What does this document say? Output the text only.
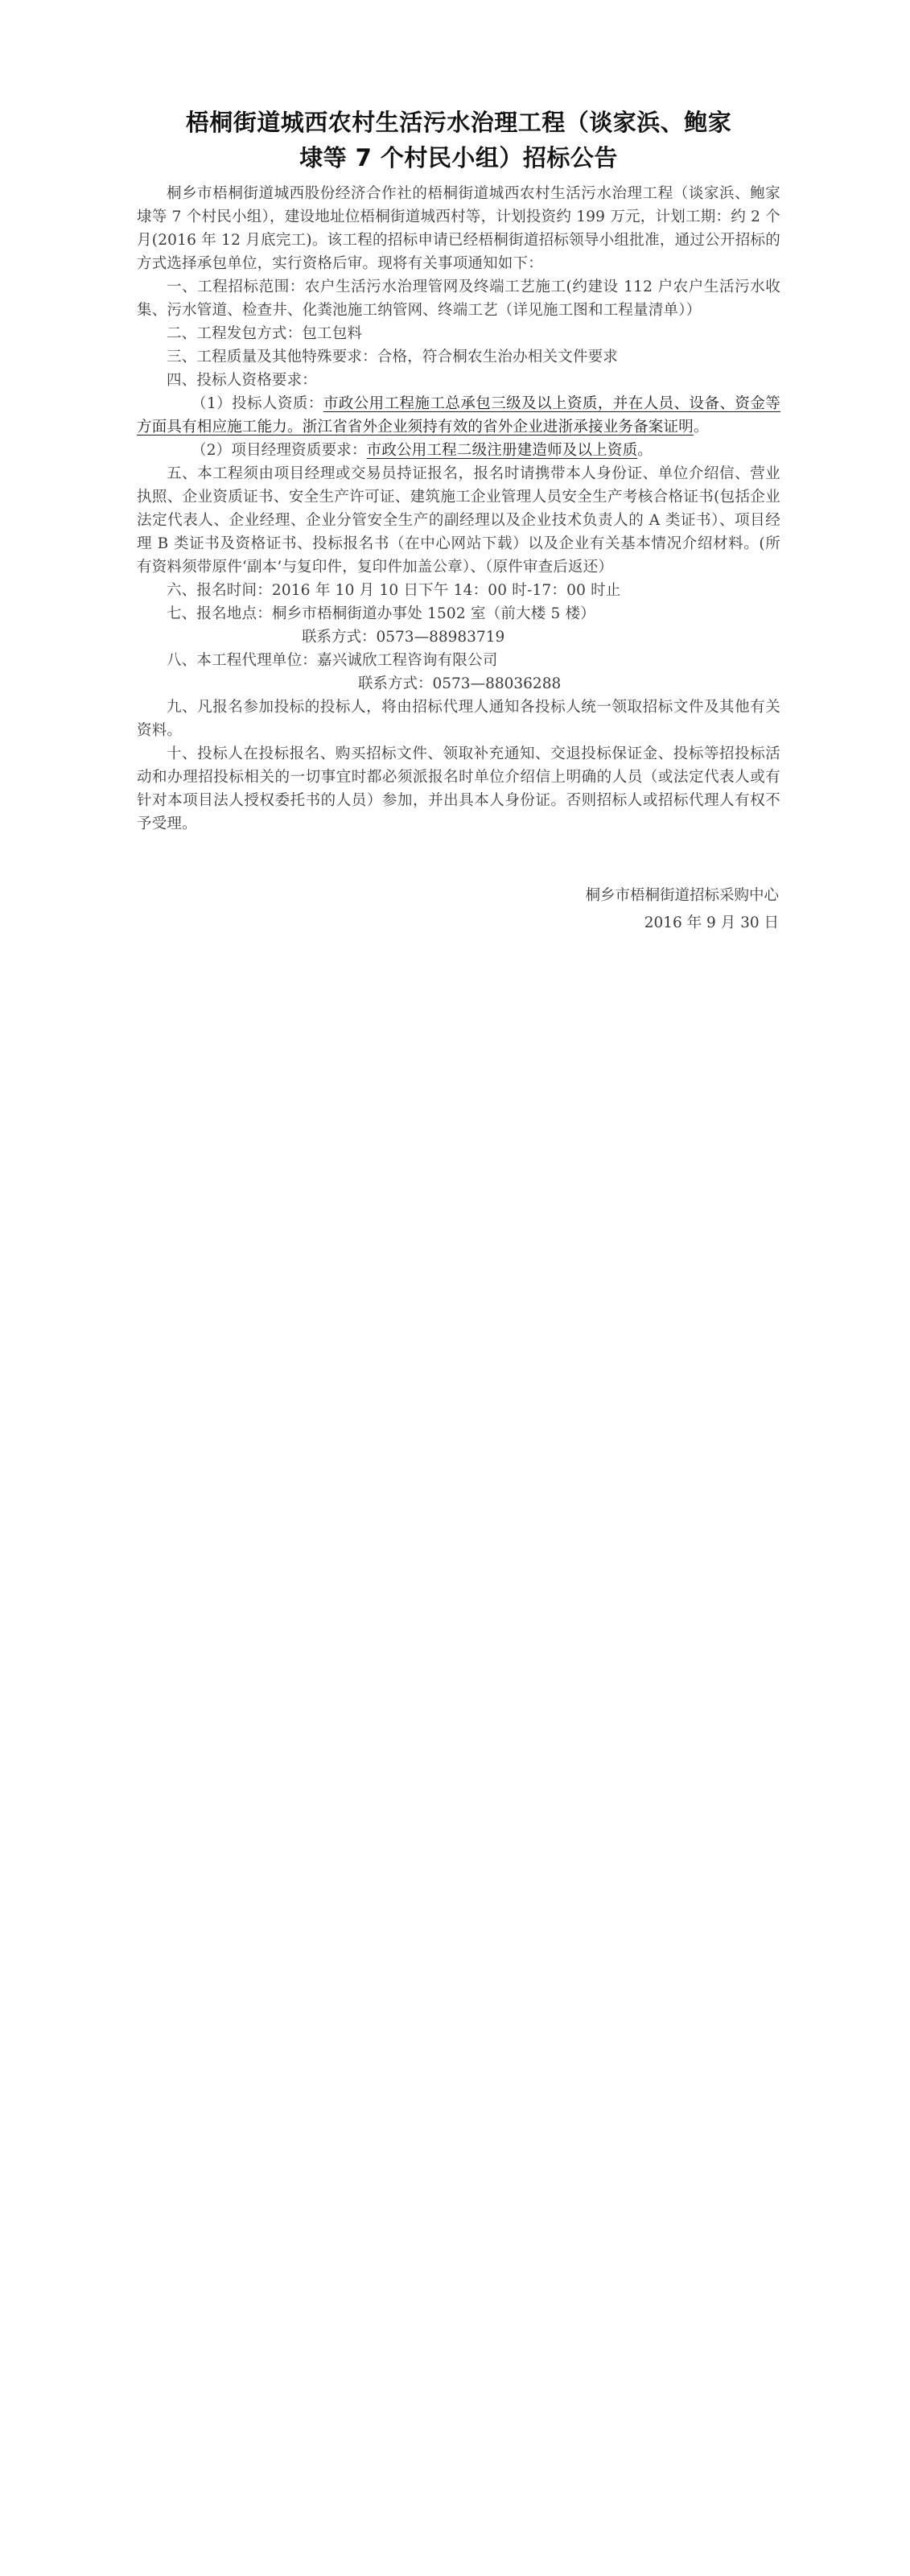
梧桐街道城西农村生活污水治理工程（谈家浜、鲍家
埭等 7 个村民小组）招标公告

桐乡市梧桐街道城西股份经济合作社的梧桐街道城西农村生活污水治理工程（谈家浜、鲍家埭等 7 个村民小组），建设地址位梧桐街道城西村等，计划投资约 199 万元，计划工期：约 2 个月(2016 年 12 月底完工)。该工程的招标申请已经梧桐街道招标领导小组批准，通过公开招标的方式选择承包单位，实行资格后审。现将有关事项通知如下：

一、工程招标范围：农户生活污水治理管网及终端工艺施工(约建设 112 户农户生活污水收集、污水管道、检查井、化粪池施工纳管网、终端工艺（详见施工图和工程量清单））

二、工程发包方式：包工包料

三、工程质量及其他特殊要求：合格，符合桐农生治办相关文件要求

四、投标人资格要求：

（1）投标人资质：市政公用工程施工总承包三级及以上资质，并在人员、设备、资金等方面具有相应施工能力。浙江省省外企业须持有效的省外企业进浙承接业务备案证明。

（2）项目经理资质要求：市政公用工程二级注册建造师及以上资质。

五、本工程须由项目经理或交易员持证报名，报名时请携带本人身份证、单位介绍信、营业执照、企业资质证书、安全生产许可证、建筑施工企业管理人员安全生产考核合格证书(包括企业法定代表人、企业经理、企业分管安全生产的副经理以及企业技术负责人的 A 类证书）、项目经理 B 类证书及资格证书、投标报名书（在中心网站下载）以及企业有关基本情况介绍材料。(所有资料须带原件‘副本’与复印件，复印件加盖公章）、（原件审查后返还）

六、报名时间：2016 年 10 月 10 日下午 14：00 时-17：00 时止

七、报名地点：桐乡市梧桐街道办事处 1502 室（前大楼 5 楼）

联系方式：0573—88983719

八、本工程代理单位：嘉兴诚欣工程咨询有限公司

联系方式：0573—88036288

九、凡报名参加投标的投标人，将由招标代理人通知各投标人统一领取招标文件及其他有关资料。

十、投标人在投标报名、购买招标文件、领取补充通知、交退投标保证金、投标等招投标活动和办理招投标相关的一切事宜时都必须派报名时单位介绍信上明确的人员（或法定代表人或有针对本项目法人授权委托书的人员）参加，并出具本人身份证。否则招标人或招标代理人有权不予受理。

桐乡市梧桐街道招标采购中心
2016 年 9 月 30 日
